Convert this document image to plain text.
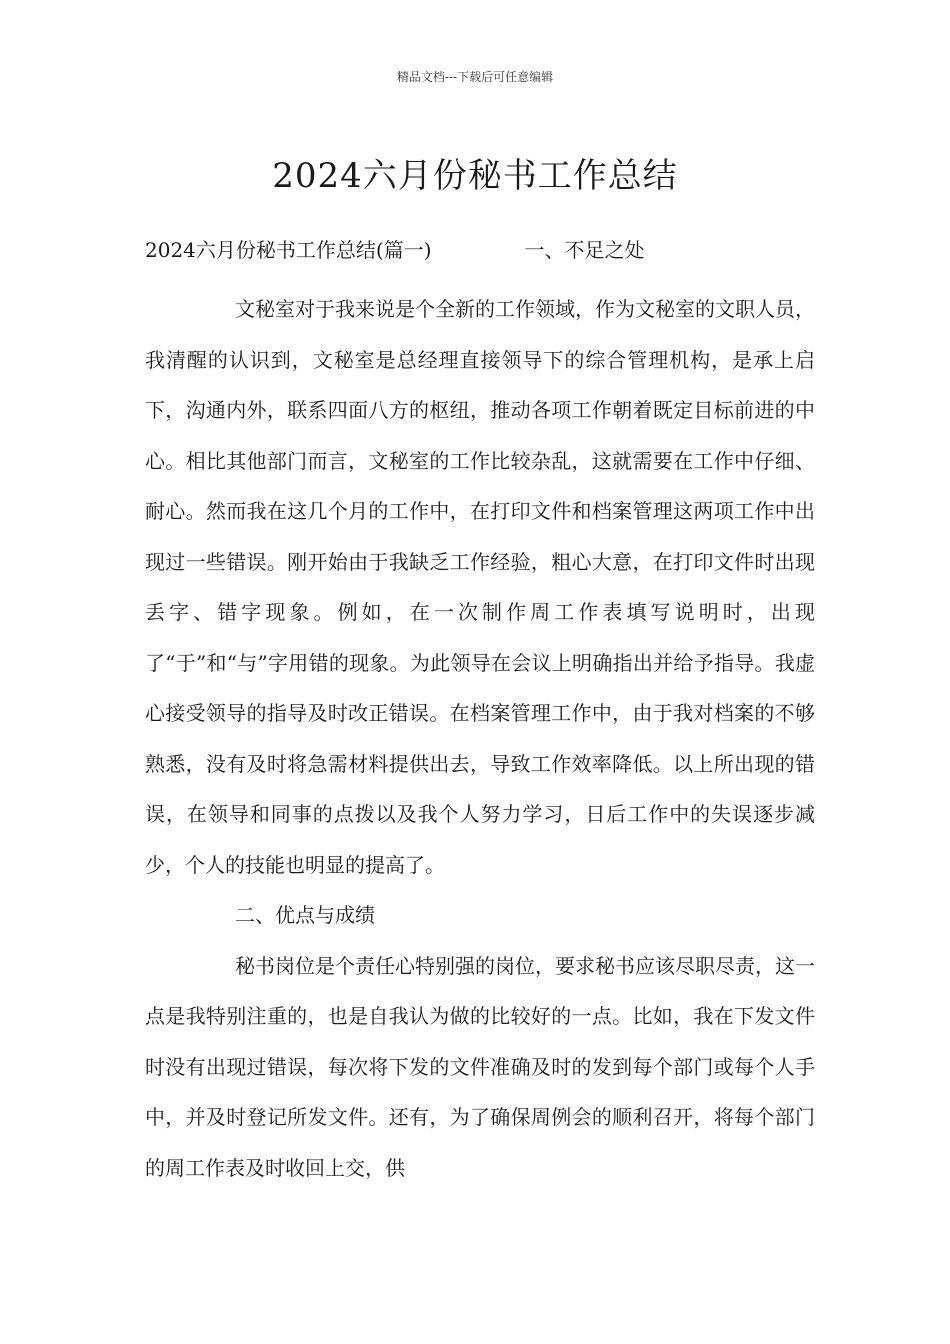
精品文档---下载后可任意编辑
2024六月份秘书工作总结
2024六月份秘书工作总结(篇一)	一、不足之处

文秘室对于我来说是个全新的工作领域，作为文秘室的文职人员，我清醒的认识到，文秘室是总经理直接领导下的综合管理机构，是承上启下，沟通内外，联系四面八方的枢纽，推动各项工作朝着既定目标前进的中心。相比其他部门而言，文秘室的工作比较杂乱，这就需要在工作中仔细、耐心。然而我在这几个月的工作中，在打印文件和档案管理这两项工作中出现过一些错误。刚开始由于我缺乏工作经验，粗心大意，在打印文件时出现丢字、错字现象。例如，在一次制作周工作表填写说明时，出现了“于”和“与”字用错的现象。为此领导在会议上明确指出并给予指导。我虚心接受领导的指导及时改正错误。在档案管理工作中，由于我对档案的不够熟悉，没有及时将急需材料提供出去，导致工作效率降低。以上所出现的错误，在领导和同事的点拨以及我个人努力学习，日后工作中的失误逐步减少，个人的技能也明显的提高了。

二、优点与成绩

秘书岗位是个责任心特别强的岗位，要求秘书应该尽职尽责，这一点是我特别注重的，也是自我认为做的比较好的一点。比如，我在下发文件时没有出现过错误，每次将下发的文件准确及时的发到每个部门或每个人手中，并及时登记所发文件。还有，为了确保周例会的顺利召开，将每个部门的周工作表及时收回上交，供
